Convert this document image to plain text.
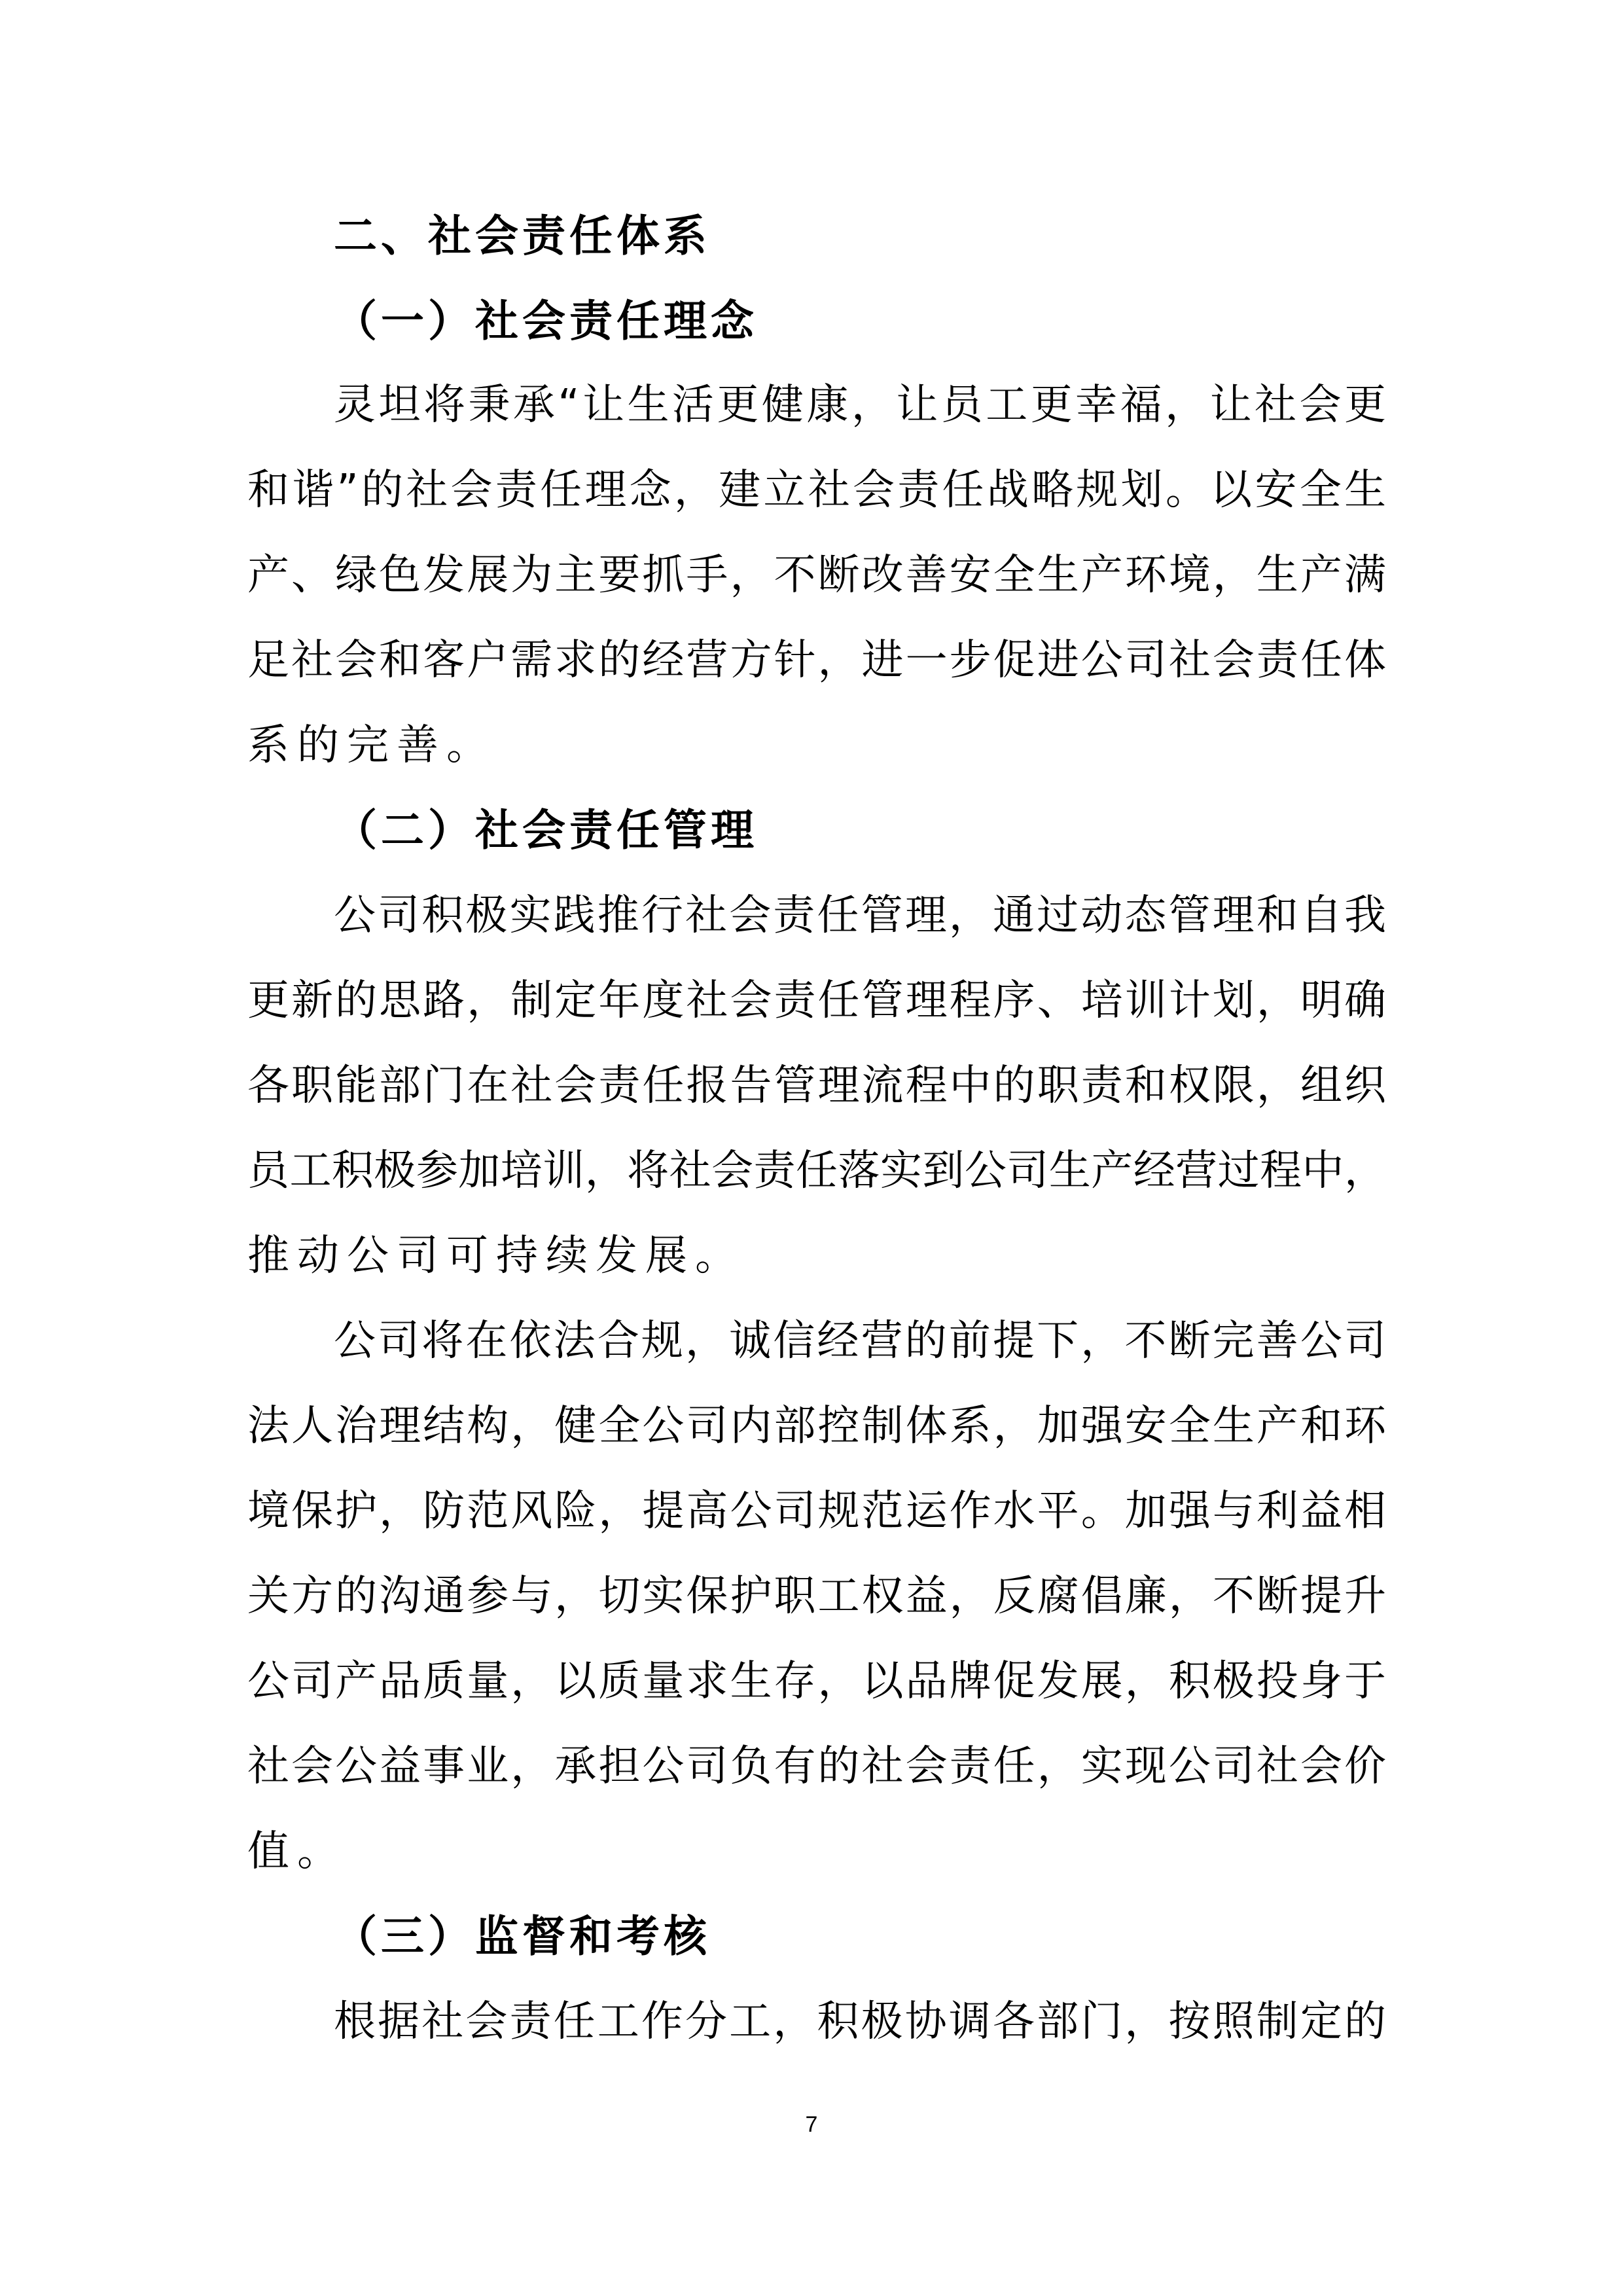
二、社会责任体系
（一）社会责任理念
灵坦将秉承“让生活更健康，让员工更幸福，让社会更
和谐”的社会责任理念，建立社会责任战略规划。以安全生
产、绿色发展为主要抓手，不断改善安全生产环境，生产满
足社会和客户需求的经营方针，进一步促进公司社会责任体
系的完善。
（二）社会责任管理
公司积极实践推行社会责任管理，通过动态管理和自我
更新的思路，制定年度社会责任管理程序、培训计划，明确
各职能部门在社会责任报告管理流程中的职责和权限，组织
员工积极参加培训，将社会责任落实到公司生产经营过程中，
推动公司可持续发展。
公司将在依法合规，诚信经营的前提下，不断完善公司
法人治理结构，健全公司内部控制体系，加强安全生产和环
境保护，防范风险，提高公司规范运作水平。加强与利益相
关方的沟通参与，切实保护职工权益，反腐倡廉，不断提升
公司产品质量，以质量求生存，以品牌促发展，积极投身于
社会公益事业，承担公司负有的社会责任，实现公司社会价
值。
（三）监督和考核
根据社会责任工作分工，积极协调各部门，按照制定的
7
